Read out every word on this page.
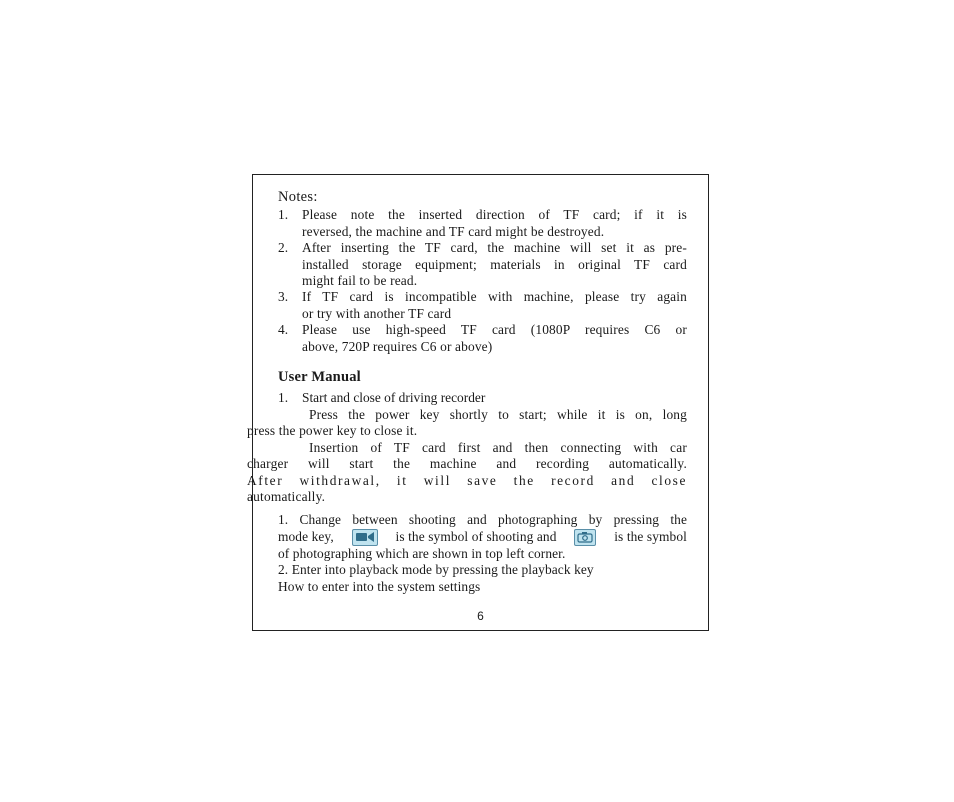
Notes:
1.	Please note the inserted direction of TF card; if it is
reversed, the machine and TF card might be destroyed.
2.	After inserting the TF card, the machine will set it as pre-
installed storage equipment; materials in original TF card
might fail to be read.
3.	If TF card is incompatible with machine, please try again
or try with another TF card
4.	Please use high-speed TF card (1080P requires C6 or
above, 720P requires C6 or above)
User Manual
1.	Start and close of driving recorder
Press the power key shortly to start; while it is on, long
press the power key to close it.
Insertion of TF card first and then connecting with car
charger will start the machine and recording automatically.
After withdrawal, it will save the record and close
automatically.
1. Change between shooting and photographing by pressing the
mode key,	is the symbol of shooting and	is the symbol
of photographing which are shown in top left corner.
2. Enter into playback mode by pressing the playback key
How to enter into the system settings
6
